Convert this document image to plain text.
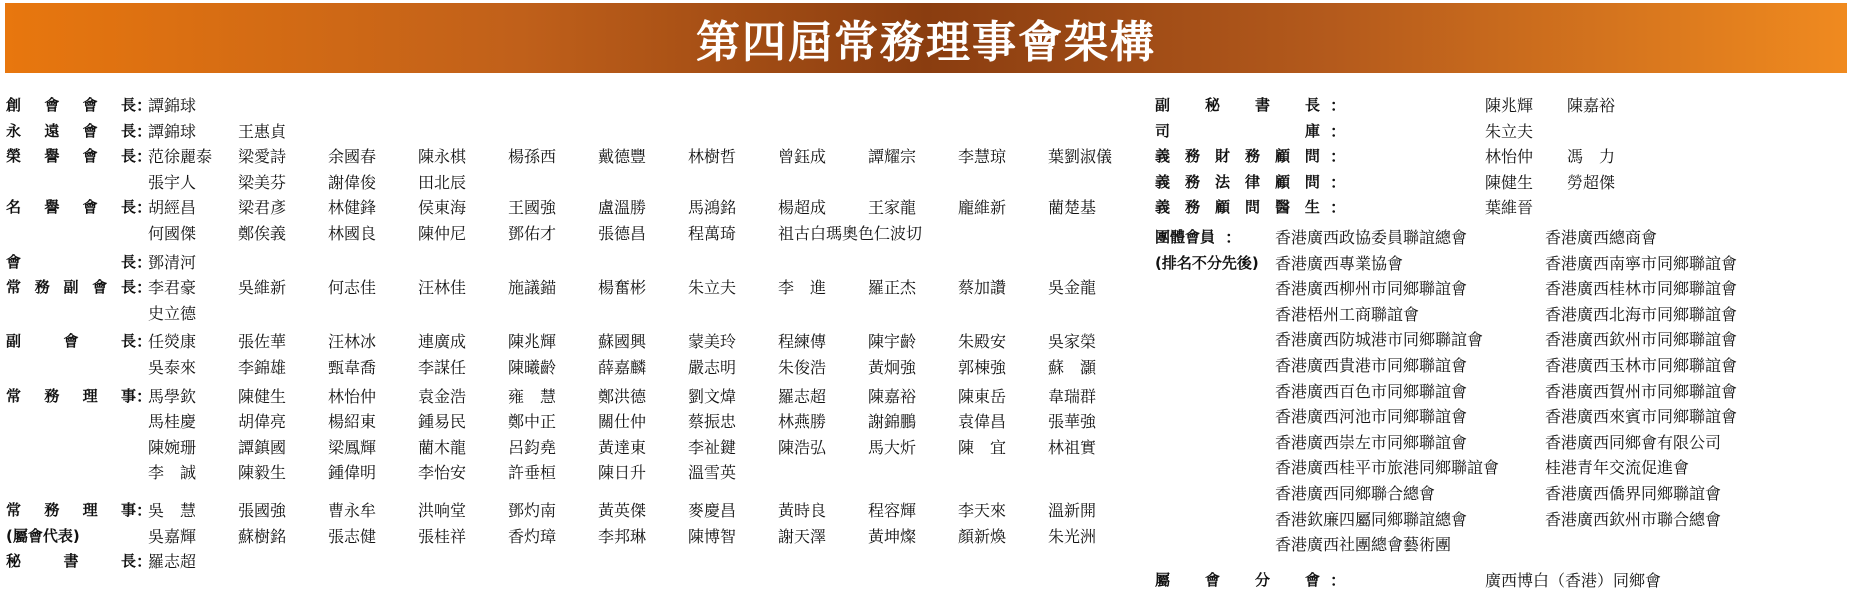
第四屆常務理事會架構
創 會 會 長 ：
譚錦球
永 遠 會 長 ：
譚錦球	王惠貞
榮 譽 會 長 ：
范徐麗泰	梁愛詩	余國春	陳永棋	楊孫西	戴德豐	林樹哲	曾鈺成	譚耀宗	李慧琼	葉劉淑儀
張宇人	梁美芬	謝偉俊	田北辰
名 譽 會 長 ：
胡經昌	梁君彥	林健鋒	侯東海	王國強	盧溫勝	馬鴻銘	楊超成	王家龍	龐維新	藺楚基
何國傑	鄭俟義	林國良	陳仲尼	鄧佑才	張德昌	程萬琦	祖古白瑪奧色仁波切
會	長 ：
鄧清河
常 務 副 會 長 ：
李君豪	吳維新	何志佳	汪林佳	施議錨	楊奮彬	朱立夫	李　進	羅正杰	蔡加讚	吳金龍
史立德
副	會	長 ：
任熒康	張佐華	汪林冰	連廣成	陳兆輝	蘇國興	蒙美玲	程練傳	陳宇齡	朱殿安	吳家榮
吳泰來	李錦雄	甄韋喬	李謀任	陳曦齡	薛嘉麟	嚴志明	朱俊浩	黃炯強	郭棟強	蘇　灝
常 務 理 事 ：
馬學欽	陳健生	林怡仲	袁金浩	雍　慧	鄭洪德	劉文煒	羅志超	陳嘉裕	陳東岳	韋瑞群
馬桂慶	胡偉亮	楊紹東	鍾易民	鄭中正	關仕仲	蔡振忠	林燕勝	謝錦鵬	袁偉昌	張華強
陳婉珊	譚鎮國	梁鳳輝	藺木龍	呂鈞堯	黃達東	李祉鍵	陳浩弘	馬大炘	陳　宜	林祖實
李　誠	陳毅生	鍾偉明	李怡安	許垂桓	陳日升	溫雪英
常 務 理 事 ：
吳　慧	張國強	曹永牟	洪响堂	鄧灼南	黃英傑	麥慶昌	黃時良	程容輝	李天來	溫新開
(屬會代表)	吳嘉輝	蘇樹銘	張志健	張桂祥	香灼璋	李邦琳	陳博智	謝天澤	黃坤燦	顏新煥	朱光洲
秘	書	長 ：
羅志超
副 秘 書 長 ：	陳兆輝 陳嘉裕
司	庫 ：	朱立夫
義 務 財 務 顧 問 ：	林怡仲 馮　力
義 務 法 律 顧 問 ：	陳健生 勞超傑
義 務 顧 問 醫 生 ：	葉維晉
團 體 會 員 ：	香港廣西政協委員聯誼總會	香港廣西總商會
(排名不分先後) 香港廣西專業協會	香港廣西南寧市同鄉聯誼會
香港廣西柳州市同鄉聯誼會	香港廣西桂林市同鄉聯誼會
香港梧州工商聯誼會	香港廣西北海市同鄉聯誼會
香港廣西防城港市同鄉聯誼會	香港廣西欽州市同鄉聯誼會
香港廣西貴港市同鄉聯誼會	香港廣西玉林市同鄉聯誼會
香港廣西百色市同鄉聯誼會	香港廣西賀州市同鄉聯誼會
香港廣西河池市同鄉聯誼會	香港廣西來賓市同鄉聯誼會
香港廣西崇左市同鄉聯誼會	香港廣西同鄉會有限公司
香港廣西桂平市旅港同鄉聯誼會	桂港青年交流促進會
香港廣西同鄉聯合總會	香港廣西僑界同鄉聯誼會
香港欽廉四屬同鄉聯誼總會	香港廣西欽州市聯合總會
香港廣西社團總會藝術團
屬 會 分 會 ：	廣西博白（香港）同鄉會
